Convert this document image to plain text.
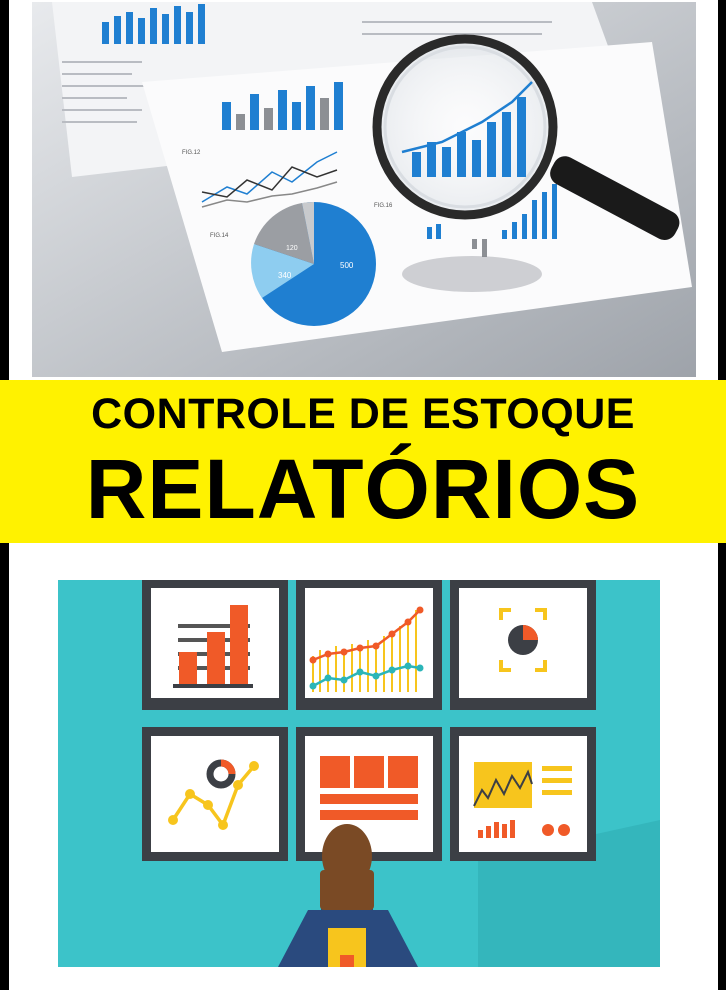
FIG.12
FIG.14
500
340
120
FIG.16
CONTROLE DE ESTOQUE
RELATÓRIOS
